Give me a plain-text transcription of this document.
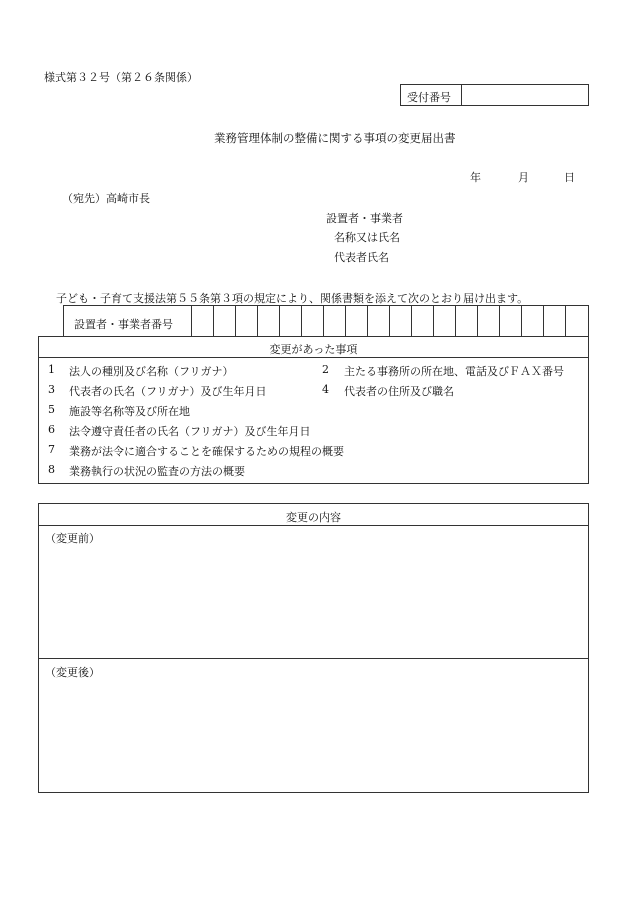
様式第３２号（第２６条関係）
受付番号
業務管理体制の整備に関する事項の変更届出書
年	月	日
（宛先）高崎市長
設置者・事業者
名称又は氏名
代表者氏名
子ども・子育て支援法第５５条第３項の規定により、関係書類を添えて次のとおり届け出ます。
設置者・事業者番号
変更があった事項
1 法人の種別及び名称（フリガナ）	2 主たる事務所の所在地、電話及びＦＡＸ番号
3 代表者の氏名（フリガナ）及び生年月日	4 代表者の住所及び職名
5 施設等名称等及び所在地
6 法令遵守責任者の氏名（フリガナ）及び生年月日
7 業務が法令に適合することを確保するための規程の概要
8 業務執行の状況の監査の方法の概要
変更の内容
（変更前）
（変更後）
